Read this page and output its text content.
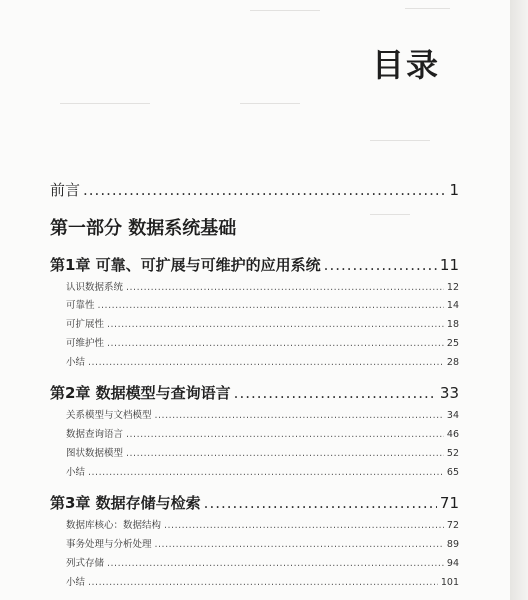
目录
前言 .....	1
第一部分 数据系统基础
第1章 可靠、可扩展与可维护的应用系统 .....	11
认识数据系统 .....	12
可靠性 .....	14
可扩展性 .....	18
可维护性 .....	25
小结 .....	28
第2章 数据模型与查询语言 .....	33
关系模型与文档模型 .....	34
数据查询语言 .....	46
图状数据模型 .....	52
小结 .....	65
第3章 数据存储与检索 .....	71
数据库核心：数据结构 .....	72
事务处理与分析处理 .....	89
列式存储 .....	94
小结 .....	101
